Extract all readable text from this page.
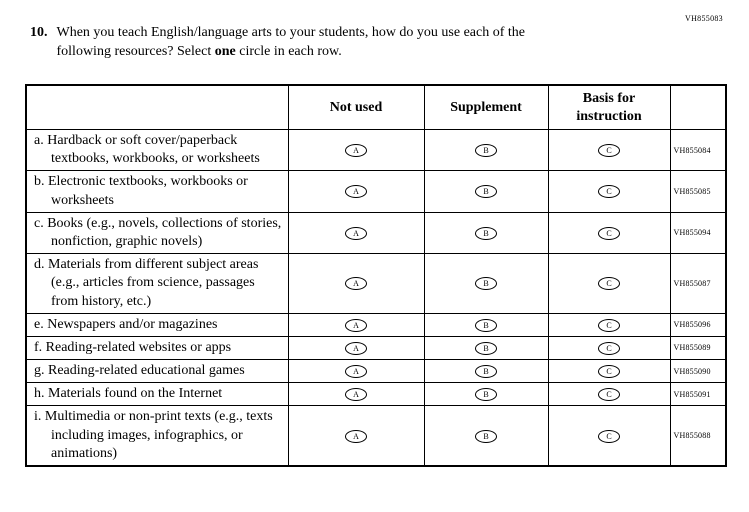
VH855083
10. When you teach English/language arts to your students, how do you use each of the
following resources? Select one circle in each row.
	Not used	Supplement	Basis for instruction	
a. Hardback or soft cover/paperback textbooks, workbooks, or worksheets	A	B	C	VH855084
b. Electronic textbooks, workbooks or worksheets	A	B	C	VH855085
c. Books (e.g., novels, collections of stories, nonfiction, graphic novels)	A	B	C	VH855094
d. Materials from different subject areas (e.g., articles from science, passages from history, etc.)	A	B	C	VH855087
e. Newspapers and/or magazines	A	B	C	VH855096
f. Reading-related websites or apps	A	B	C	VH855089
g. Reading-related educational games	A	B	C	VH855090
h. Materials found on the Internet	A	B	C	VH855091
i. Multimedia or non-print texts (e.g., texts including images, infographics, or animations)	A	B	C	VH855088
